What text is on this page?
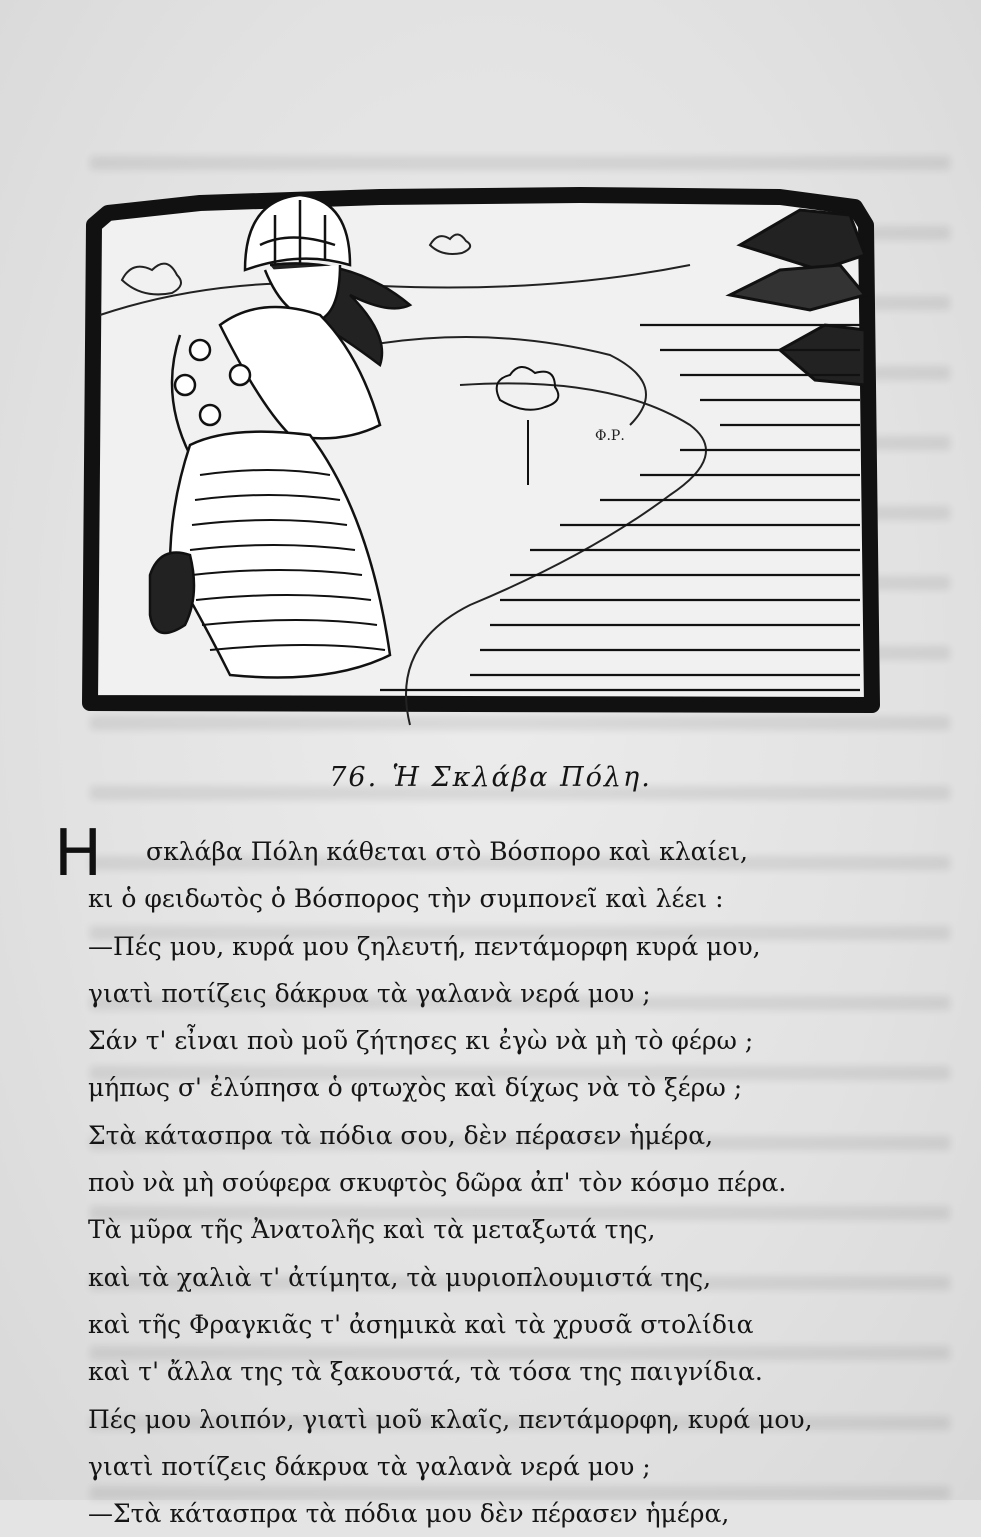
Φ.Ρ.
76. Ἡ Σκλάβα Πόλη.
Η	σκλάβα Πόλη κάθεται στὸ Βόσπορο καὶ κλαίει,
κι ὁ φειδωτὸς ὁ Βόσπορος τὴν συμπονεῖ καὶ λέει :
—Πές μου, κυρά μου ζηλευτή, πεντάμορφη κυρά μου,
γιατὶ ποτίζεις δάκρυα τὰ γαλανὰ νερά μου ;
Σάν τ' εἶναι ποὺ μοῦ ζήτησες κι ἐγὼ νὰ μὴ τὸ φέρω ;
μήπως σ' ἐλύπησα ὁ φτωχὸς καὶ δίχως νὰ τὸ ξέρω ;
Στὰ κάτασπρα τὰ πόδια σου, δὲν πέρασεν ἡμέρα,
ποὺ νὰ μὴ σούφερα σκυφτὸς δῶρα ἀπ' τὸν κόσμο πέρα.
Τὰ μῦρα τῆς Ἀνατολῆς καὶ τὰ μεταξωτά της,
καὶ τὰ χαλιὰ τ' ἀτίμητα, τὰ μυριοπλουμιστά της,
καὶ τῆς Φραγκιᾶς τ' ἀσημικὰ καὶ τὰ χρυσᾶ στολίδια
καὶ τ' ἄλλα της τὰ ξακουστά, τὰ τόσα της παιγνίδια.
Πές μου λοιπόν, γιατὶ μοῦ κλαῖς, πεντάμορφη, κυρά μου,
γιατὶ ποτίζεις δάκρυα τὰ γαλανὰ νερά μου ;
—Στὰ κάτασπρα τὰ πόδια μου δὲν πέρασεν ἡμέρα,
